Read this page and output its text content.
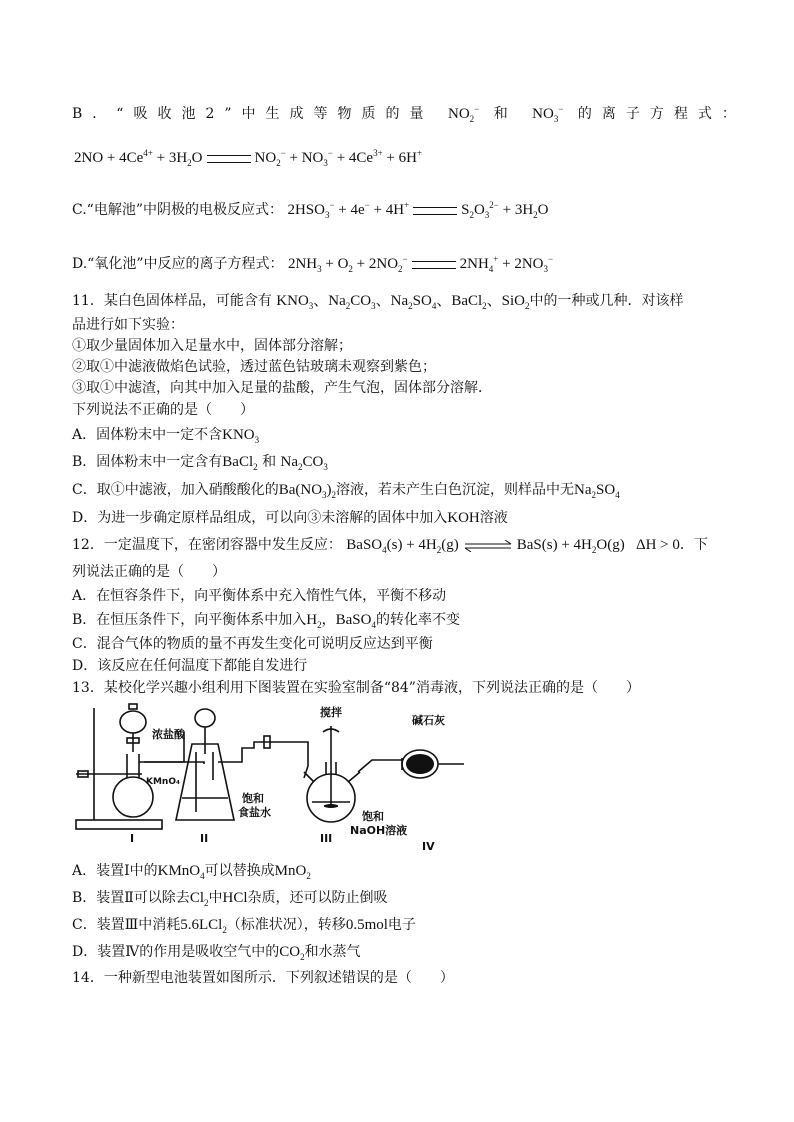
B．“吸收池2”中生成等物质的量 $NO_2^-$ 和 $NO_3^-$ 的离子方程式：
$2NO + 4Ce^{4+} + 3H_2O$	$NO_2^- + NO_3^- + 4Ce^{3+} + 6H^+$
C.“电解池”中阴极的电极反应式： $2HSO_3^- + 4e^- + 4H^+$	$S_2O_3^{2-} + 3H_2O$
D.“氧化池”中反应的离子方程式： $2NH_3 + O_2 + 2NO_2^-$	$2NH_4^+ + 2NO_3^-$
11．某白色固体样品，可能含有 $KNO_3$、$Na_2CO_3$、$Na_2SO_4$、BaCl$_2$、SiO$_2$中的一种或几种．对该样
品进行如下实验：
①取少量固体加入足量水中，固体部分溶解；
②取①中滤液做焰色试验，透过蓝色钴玻璃未观察到紫色；
③取①中滤渣，向其中加入足量的盐酸，产生气泡，固体部分溶解．
下列说法不正确的是（　　）
A．固体粉末中一定不含$KNO_3$
B．固体粉末中一定含有BaCl$_2$ 和 $Na_2CO_3$
C．取①中滤液，加入硝酸酸化的$Ba(NO_3)_2$溶液，若未产生白色沉淀，则样品中无$Na_2SO_4$
D．为进一步确定原样品组成，可以向③未溶解的固体中加入KOH溶液
12．一定温度下，在密闭容器中发生反应： BaSO$_4$(s) + $4H_2(g)$ ⇌ $BaS(s) + 4H_2O(g) \Delta H > 0$．下
列说法正确的是（　　）
A．在恒容条件下，向平衡体系中充入惰性气体，平衡不移动
B．在恒压条件下，向平衡体系中加入$H_2$，BaSO$_4$的转化率不变
C．混合气体的物质的量不再发生变化可说明反应达到平衡
D．该反应在任何温度下都能自发进行
13．某校化学兴趣小组利用下图装置在实验室制备“84”消毒液，下列说法正确的是（　　）
浓盐酸
KMnO₄
搅拌
碱石灰
饱和
食盐水	饱和
NaOH溶液
I	II	III
IV
A．装置Ⅰ中的KMnO$_4$可以替换成MnO$_2$
B．装置Ⅱ可以除去$Cl_2$中HCl杂质，还可以防止倒吸
C．装置Ⅲ中消耗5.6LCl$_2$（标准状况），转移0.5mol电子
D．装置Ⅳ的作用是吸收空气中的$CO_2$和水蒸气
14．一种新型电池装置如图所示．下列叙述错误的是（　　）
